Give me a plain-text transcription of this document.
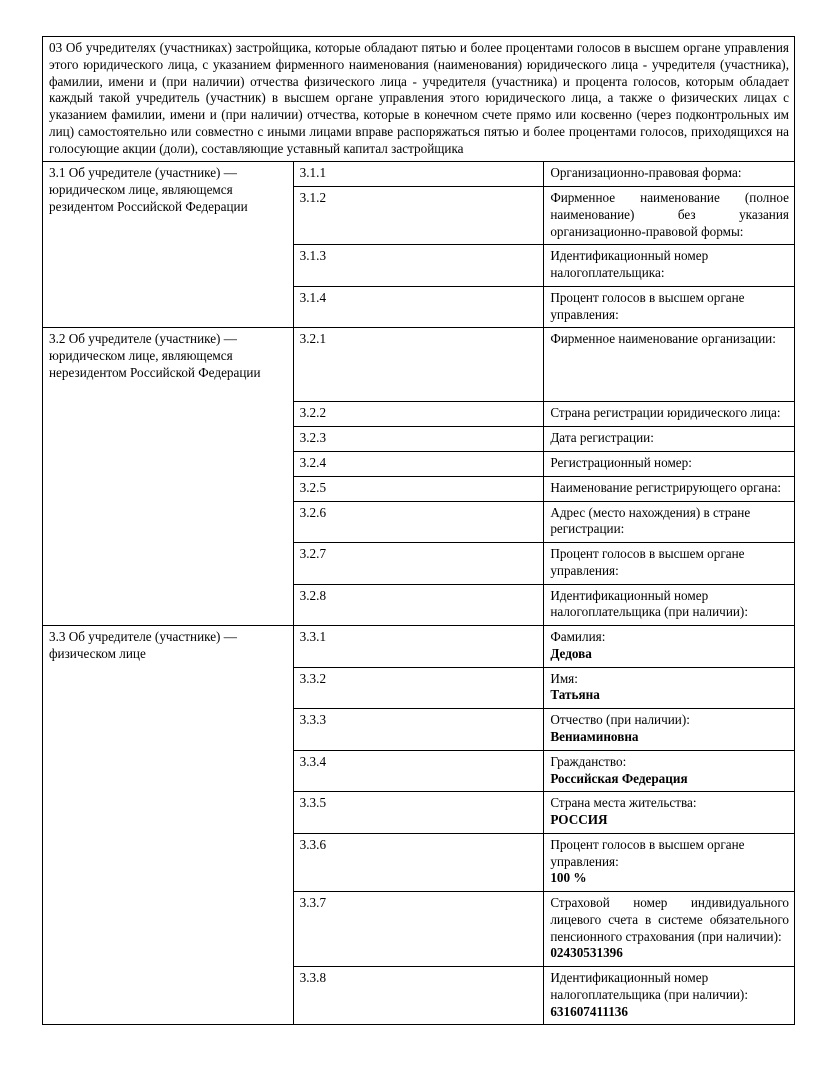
03 Об учредителях (участниках) застройщика, которые обладают пятью и более процентами голосов в высшем органе управления этого юридического лица, с указанием фирменного наименования (наименования) юридического лица - учредителя (участника), фамилии, имени и (при наличии) отчества физического лица - учредителя (участника) и процента голосов, которым обладает каждый такой учредитель (участник) в высшем органе управления этого юридического лица, а также о физических лицах с указанием фамилии, имени и (при наличии) отчества, которые в конечном счете прямо или косвенно (через подконтрольных им лиц) самостоятельно или совместно с иными лицами вправе распоряжаться пятью и более процентами голосов, приходящихся на голосующие акции (доли), составляющие уставный капитал застройщика		
3.1 Об учредителе (участнике) — юридическом лице, являющемся резидентом Российской Федерации	3.1.1	Организационно-правовая форма:

	3.1.2	Фирменное наименование (полное наименование) без указания организационно-правовой формы:

	3.1.3	Идентификационный номер налогоплательщика:

	3.1.4	Процент голосов в высшем органе управления:

3.2 Об учредителе (участнике) — юридическом лице, являющемся нерезидентом Российской Федерации	3.2.1	Фирменное наименование организации:

	3.2.2	Страна регистрации юридического лица:

	3.2.3	Дата регистрации:

	3.2.4	Регистрационный номер:

	3.2.5	Наименование регистрирующего органа:

	3.2.6	Адрес (место нахождения) в стране регистрации:

	3.2.7	Процент голосов в высшем органе управления:

	3.2.8	Идентификационный номер налогоплательщика (при наличии):

3.3 Об учредителе (участнике) — физическом лице	3.3.1	Фамилия:
Дедова

	3.3.2	Имя:
Татьяна

	3.3.3	Отчество (при наличии):
Вениаминовна

	3.3.4	Гражданство:
Российская Федерация

	3.3.5	Страна места жительства:
РОССИЯ

	3.3.6	Процент голосов в высшем органе управления:
100 %

	3.3.7	Страховой номер индивидуального лицевого счета в системе обязательного пенсионного страхования (при наличии):
02430531396

	3.3.8	Идентификационный номер налогоплательщика (при наличии):
631607411136
